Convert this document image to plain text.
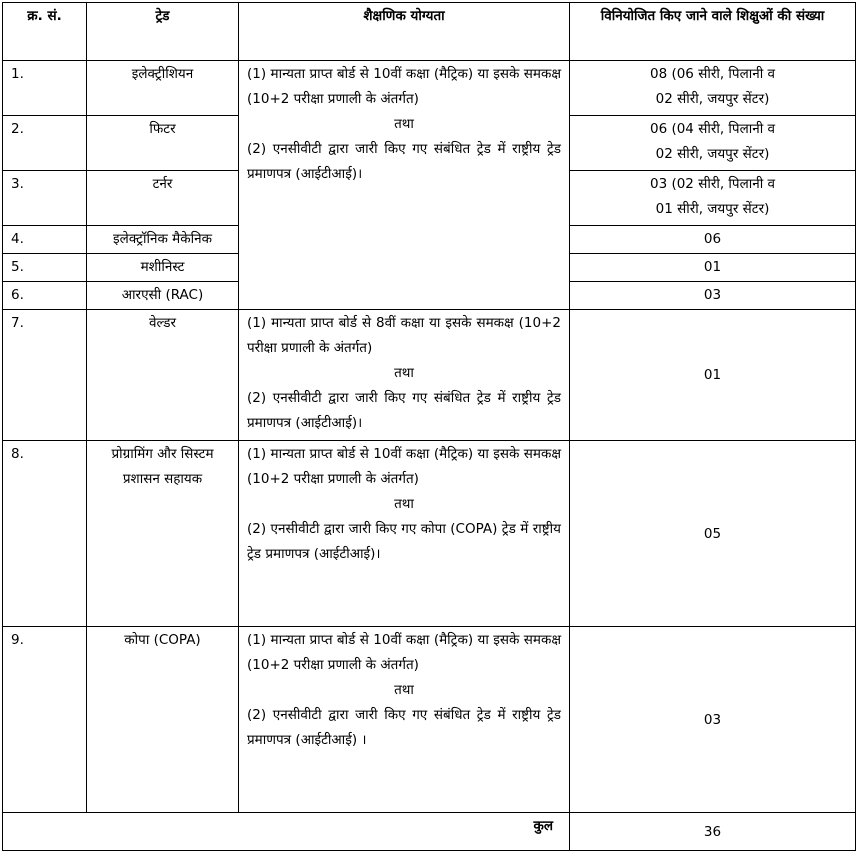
क्र. सं.	ट्रेड	शैक्षणिक योग्यता	विनियोजित किए जाने वाले शिक्षुओं की संख्या
1.	इलेक्ट्रीशियन	(1) मान्यता प्राप्त बोर्ड से 10वीं कक्षा (मैट्रिक) या इसके समकक्ष (10+2 परीक्षा प्रणाली के अंतर्गत)
तथा
(2) एनसीवीटी द्वारा जारी किए गए संबंधित ट्रेड में राष्ट्रीय ट्रेड प्रमाणपत्र (आईटीआई)।	08 (06 सीरी, पिलानी व
02 सीरी, जयपुर सेंटर)

2.	फिटर		06 (04 सीरी, पिलानी व
02 सीरी, जयपुर सेंटर)

3.	टर्नर		03 (02 सीरी, पिलानी व
01 सीरी, जयपुर सेंटर)

4.	इलेक्ट्रॉनिक मैकेनिक		06
5.	मशीनिस्ट		01
6.	आरएसी (RAC)		03
7.	वेल्डर	(1) मान्यता प्राप्त बोर्ड से 8वीं कक्षा या इसके समकक्ष (10+2 परीक्षा प्रणाली के अंतर्गत)
तथा
(2) एनसीवीटी द्वारा जारी किए गए संबंधित ट्रेड में राष्ट्रीय ट्रेड प्रमाणपत्र (आईटीआई)।	01
8.	प्रोग्रामिंग और सिस्टम प्रशासन सहायक	(1) मान्यता प्राप्त बोर्ड से 10वीं कक्षा (मैट्रिक) या इसके समकक्ष (10+2 परीक्षा प्रणाली के अंतर्गत)
तथा
(2) एनसीवीटी द्वारा जारी किए गए कोपा (COPA) ट्रेड में राष्ट्रीय ट्रेड प्रमाणपत्र (आईटीआई)।	05
9.	कोपा (COPA)	(1) मान्यता प्राप्त बोर्ड से 10वीं कक्षा (मैट्रिक) या इसके समकक्ष (10+2 परीक्षा प्रणाली के अंतर्गत)
तथा
(2) एनसीवीटी द्वारा जारी किए गए संबंधित ट्रेड में राष्ट्रीय ट्रेड प्रमाणपत्र (आईटीआई) ।	03
कुल			36
